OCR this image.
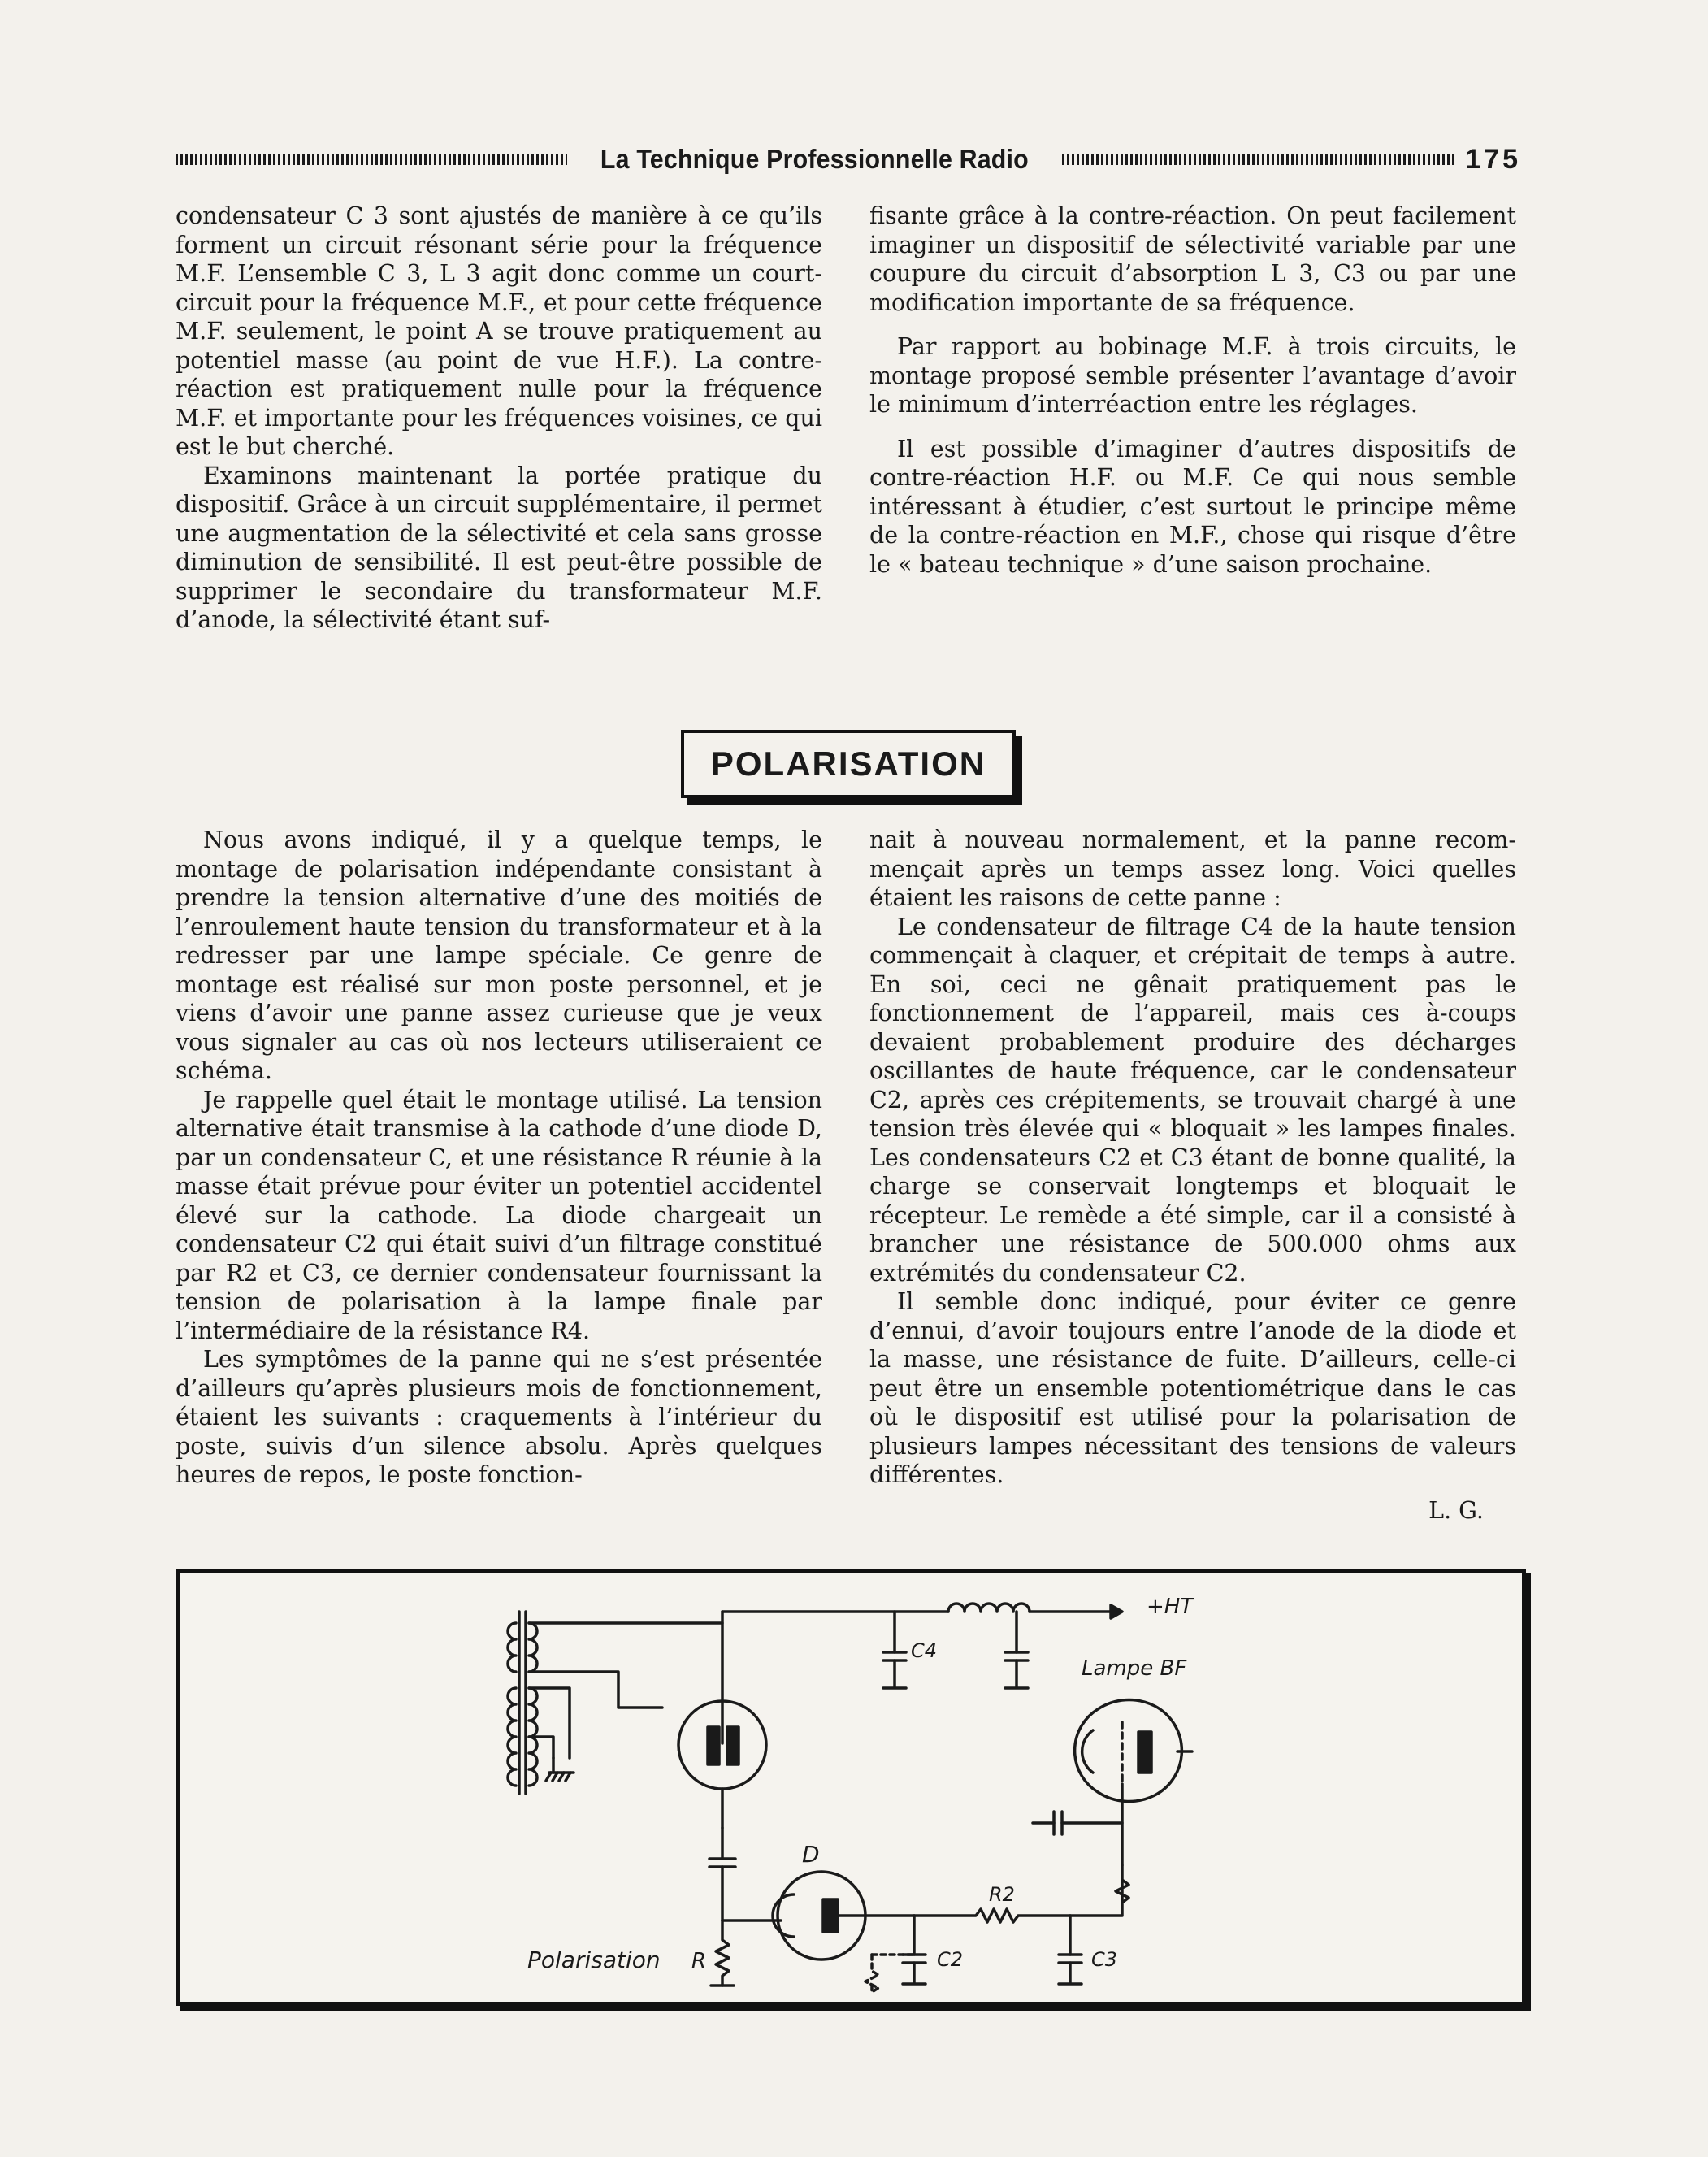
La Technique Professionnelle Radio	175

condensateur C 3 sont ajustés de manière à ce qu’ils forment un circuit résonant série pour la fréquence M.F. L’ensemble C 3, L 3 agit donc comme un court-circuit pour la fréquence M.F., et pour cette fréquence M.F. seulement, le point A se trouve pratiquement au potentiel masse (au point de vue H.F.). La contre-réaction est pratiquement nulle pour la fréquence M.F. et importante pour les fréquences voisines, ce qui est le but cherché.

Examinons maintenant la portée pratique du dispositif. Grâce à un circuit supplémentaire, il permet une augmentation de la sélectivité et cela sans grosse diminution de sensibilité. Il est peut-être possible de supprimer le secondaire du transformateur M.F. d’anode, la sélectivité étant suf-

fisante grâce à la contre-réaction. On peut facilement imaginer un dispositif de sélectivité variable par une coupure du circuit d’absorption L 3, C3 ou par une modification importante de sa fréquence.

Par rapport au bobinage M.F. à trois circuits, le montage proposé semble présenter l’avantage d’avoir le minimum d’interréaction entre les réglages.

Il est possible d’imaginer d’autres dispositifs de contre-réaction H.F. ou M.F. Ce qui nous semble intéressant à étudier, c’est surtout le principe même de la contre-réaction en M.F., chose qui risque d’être le « bateau technique » d’une saison prochaine.

POLARISATION

Nous avons indiqué, il y a quelque temps, le montage de polarisation indépendante consistant à prendre la tension alternative d’une des moitiés de l’enroulement haute tension du transformateur et à la redresser par une lampe spéciale. Ce genre de montage est réalisé sur mon poste personnel, et je viens d’avoir une panne assez curieuse que je veux vous signaler au cas où nos lecteurs utiliseraient ce schéma.

Je rappelle quel était le montage utilisé. La tension alternative était transmise à la cathode d’une diode D, par un condensateur C, et une résistance R réunie à la masse était prévue pour éviter un potentiel accidentel élevé sur la cathode. La diode chargeait un condensateur C2 qui était suivi d’un filtrage constitué par R2 et C3, ce dernier condensateur fournissant la tension de polarisation à la lampe finale par l’intermédiaire de la résistance R4.

Les symptômes de la panne qui ne s’est présentée d’ailleurs qu’après plusieurs mois de fonctionnement, étaient les suivants : craquements à l’intérieur du poste, suivis d’un silence absolu. Après quelques heures de repos, le poste fonction-

nait à nouveau normalement, et la panne recommençait après un temps assez long. Voici quelles étaient les raisons de cette panne :

Le condensateur de filtrage C4 de la haute tension commençait à claquer, et crépitait de temps à autre. En soi, ceci ne gênait pratiquement pas le fonctionnement de l’appareil, mais ces à-coups devaient probablement produire des décharges oscillantes de haute fréquence, car le condensateur C2, après ces crépitements, se trouvait chargé à une tension très élevée qui « bloquait » les lampes finales. Les condensateurs C2 et C3 étant de bonne qualité, la charge se conservait longtemps et bloquait le récepteur. Le remède a été simple, car il a consisté à brancher une résistance de 500.000 ohms aux extrémités du condensateur C2.

Il semble donc indiqué, pour éviter ce genre d’ennui, d’avoir toujours entre l’anode de la diode et la masse, une résistance de fuite. D’ailleurs, celle-ci peut être un ensemble potentiométrique dans le cas où le dispositif est utilisé pour la polarisation de plusieurs lampes nécessitant des tensions de valeurs différentes.

L. G.
+HT
C4
Lampe BF
D
R2
R	C2	C3
Polarisation
